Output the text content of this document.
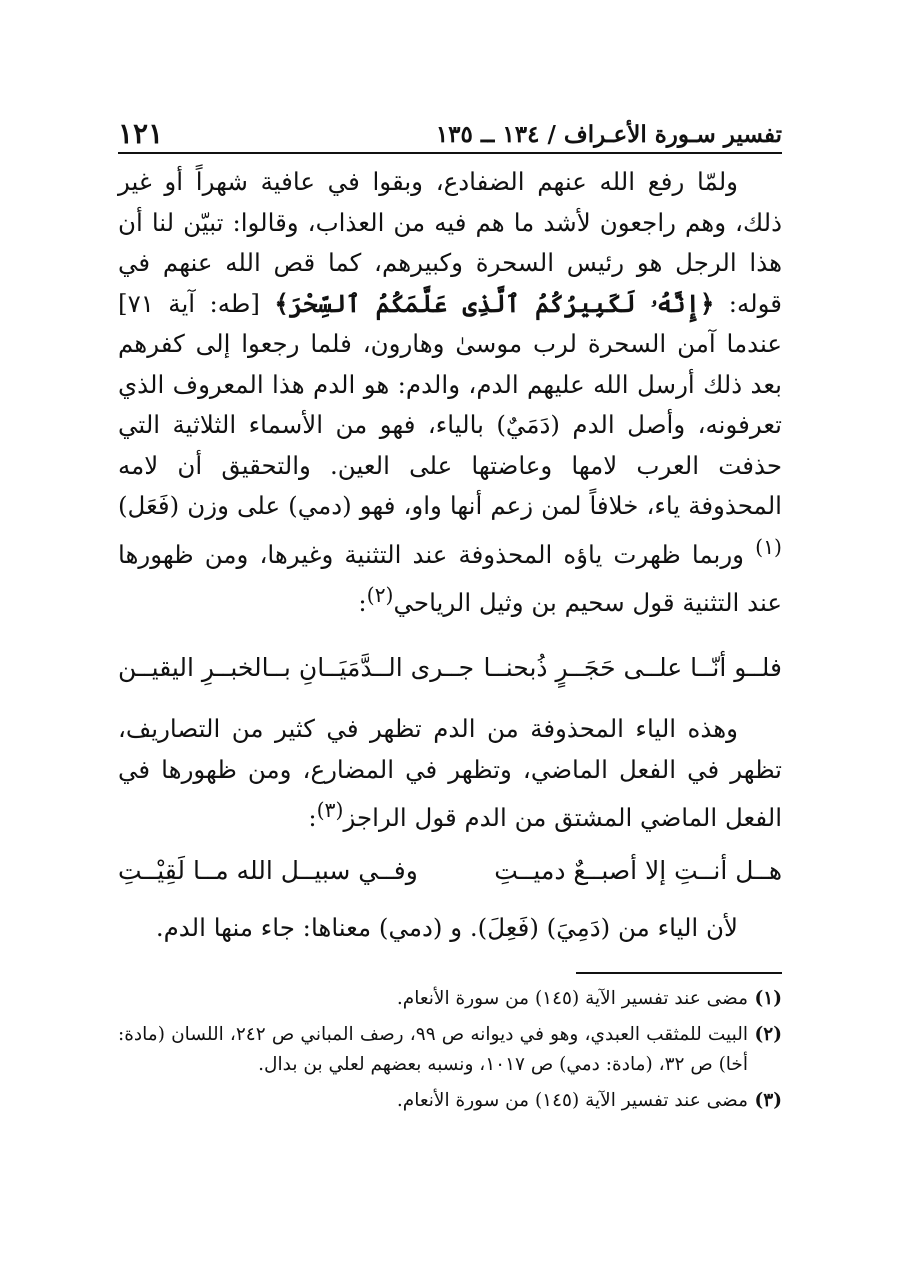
تفسير سـورة الأعـراف / ١٣٤ ــ ١٣٥
١٢١

ولمّا رفع الله عنهم الضفادع، وبقوا في عافية شهراً أو غير ذلك، وهم راجعون لأشد ما هم فيه من العذاب، وقالوا: تبيّن لنا أن هذا الرجل هو رئيس السحرة وكبيرهم، كما قص الله عنهم في قوله: ﴿إِنَّهُۥ لَكَبِيرُكُمُ ٱلَّذِى عَلَّمَكُمُ ٱلسِّحْرَ﴾ [طه: آية ٧١] عندما آمن السحرة لرب موسىٰ وهارون، فلما رجعوا إلى كفرهم بعد ذلك أرسل الله عليهم الدم، والدم: هو الدم هذا المعروف الذي تعرفونه، وأصل الدم (دَمَيٌ) بالياء، فهو من الأسماء الثلاثية التي حذفت العرب لامها وعاضتها على العين. والتحقيق أن لامه المحذوفة ياء، خلافاً لمن زعم أنها واو، فهو (دمي) على وزن (فَعَل)$^{(١)}$ وربما ظهرت ياؤه المحذوفة عند التثنية وغيرها، ومن ظهورها عند التثنية قول سحيم بن وثيل الرياحي$^{(٢)}$:

فلــو أنّــا علــى حَجَــرٍ ذُبحنــا
جــرى الــدَّمَيَــانِ بــالخبــرِ اليقيــن

وهذه الياء المحذوفة من الدم تظهر في كثير من التصاريف، تظهر في الفعل الماضي، وتظهر في المضارع، ومن ظهورها في الفعل الماضي المشتق من الدم قول الراجز$^{(٣)}$:

هــل أنــتِ إلا أصبــعٌ دميــتِ
وفــي سبيــل الله مــا لَقِيْــتِ

لأن الياء من (دَمِيَ) (فَعِلَ). و (دمي) معناها: جاء منها الدم.

(١)
مضى عند تفسير الآية (١٤٥) من سورة الأنعام.

(٢)
البيت للمثقب العبدي، وهو في ديوانه ص ٩٩، رصف المباني ص ٢٤٢، اللسان (مادة: أخا) ص ٣٢، (مادة: دمي) ص ١٠١٧، ونسبه بعضهم لعلي بن بدال.

(٣)
مضى عند تفسير الآية (١٤٥) من سورة الأنعام.
